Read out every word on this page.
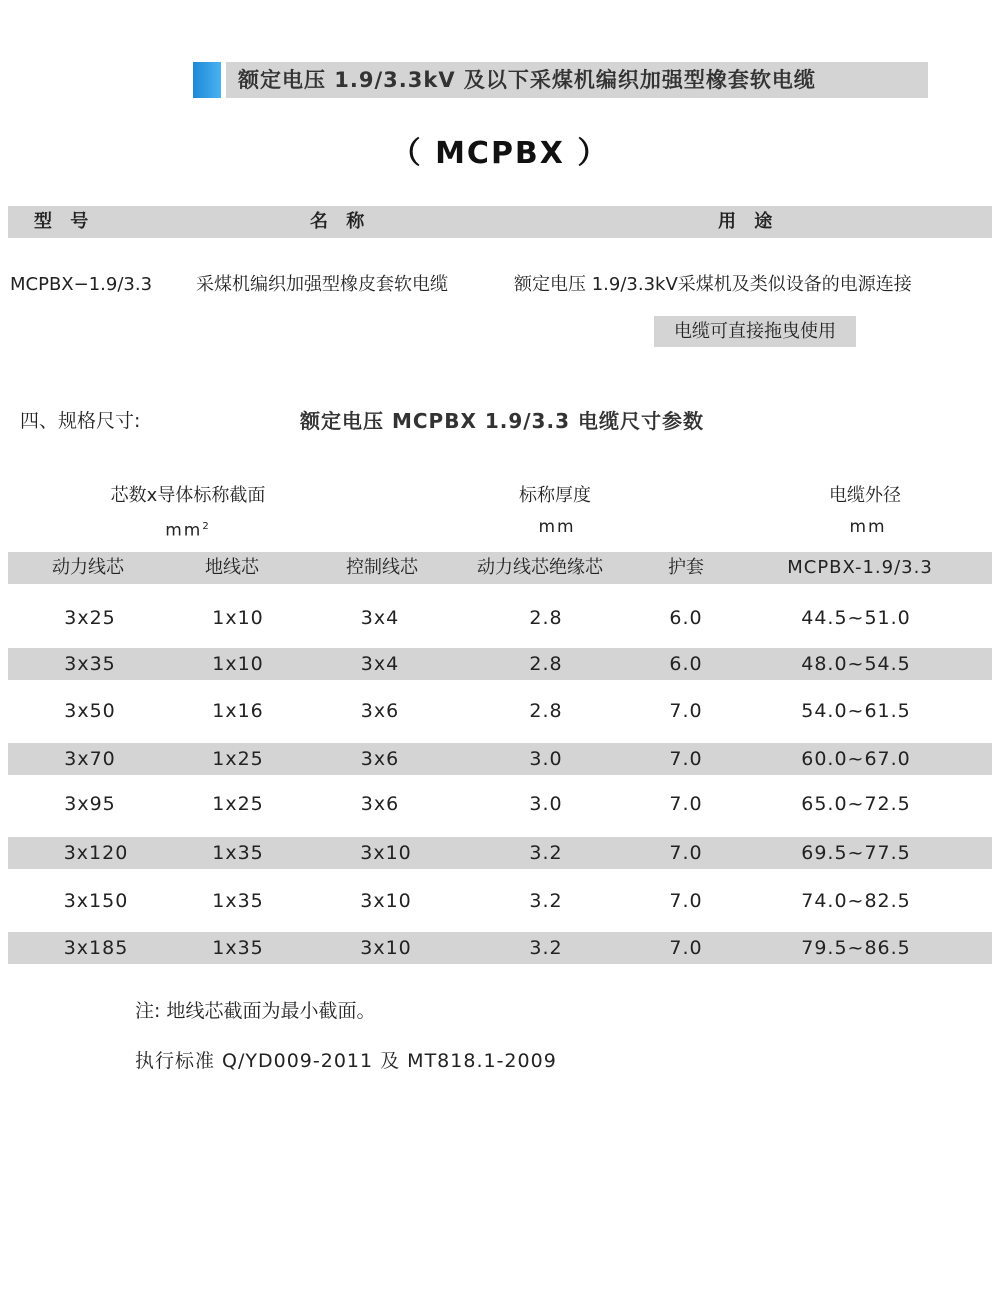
额定电压 1.9/3.3kV 及以下采煤机编织加强型橡套软电缆
（ MCPBX ）
型 号	名 称	用 途
MCPBX−1.9/3.3 采煤机编织加强型橡皮套软电缆	额定电压 1.9/3.3kV采煤机及类似设备的电源连接
电缆可直接拖曳使用
四、规格尺寸:	额定电压 MCPBX 1.9/3.3 电缆尺寸参数
芯数x导体标称截面
$mm^2$
标称厚度
mm
电缆外径
mm
动力线芯	地线芯	控制线芯	动力线芯绝缘芯	护套	MCPBX-1.9/3.3
3x25	1x10	3x4	2.8	6.0	44.5~51.0
3x35	1x10	3x4	2.8	6.0	48.0~54.5
3x50	1x16	3x6	2.8	7.0	54.0~61.5
3x70	1x25	3x6	3.0	7.0	60.0~67.0
3x95	1x25	3x6	3.0	7.0	65.0~72.5
3x120	1x35	3x10	3.2	7.0	69.5~77.5
3x150	1x35	3x10	3.2	7.0	74.0~82.5
3x185	1x35	3x10	3.2	7.0	79.5~86.5
注: 地线芯截面为最小截面。
执行标准 Q/YD009-2011 及 MT818.1-2009
